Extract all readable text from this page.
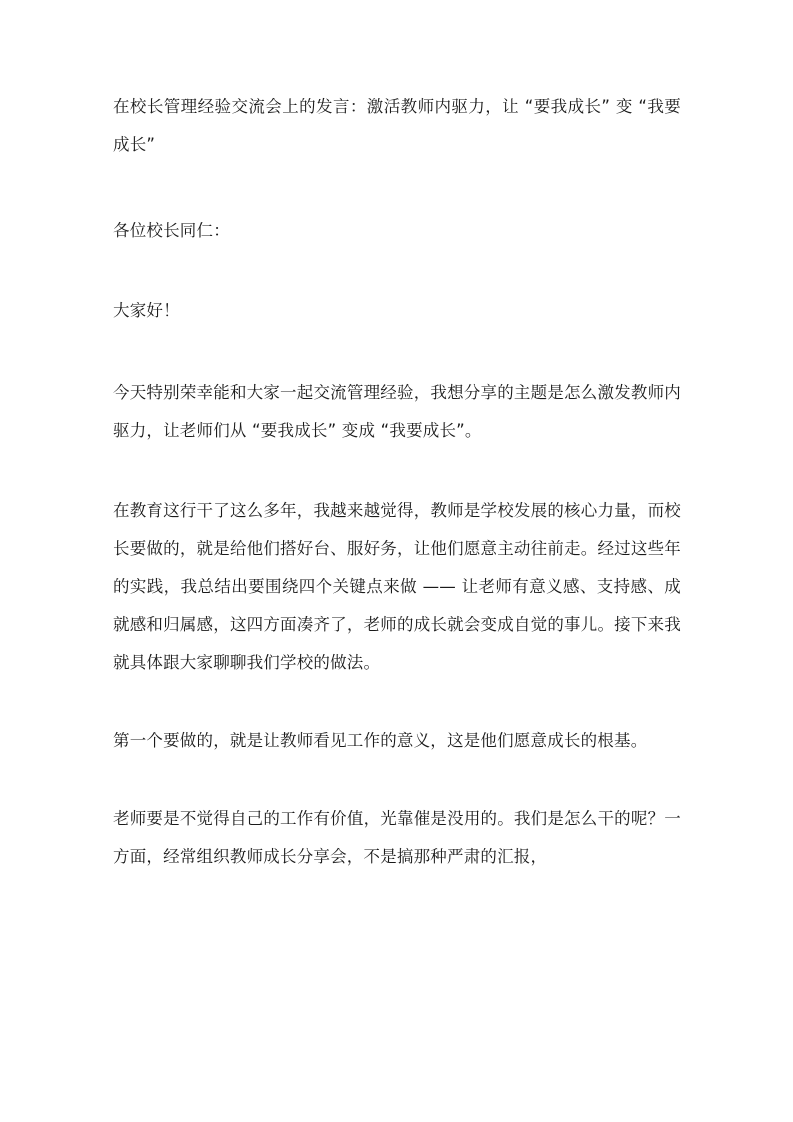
在校长管理经验交流会上的发言：激活教师内驱力，让 “要我成长” 变 “我要成长”

各位校长同仁：

大家好！

今天特别荣幸能和大家一起交流管理经验，我想分享的主题是怎么激发教师内驱力，让老师们从 “要我成长” 变成 “我要成长”。

在教育这行干了这么多年，我越来越觉得，教师是学校发展的核心力量，而校长要做的，就是给他们搭好台、服好务，让他们愿意主动往前走。经过这些年的实践，我总结出要围绕四个关键点来做 —— 让老师有意义感、支持感、成就感和归属感，这四方面凑齐了，老师的成长就会变成自觉的事儿。接下来我就具体跟大家聊聊我们学校的做法。

第一个要做的，就是让教师看见工作的意义，这是他们愿意成长的根基。

老师要是不觉得自己的工作有价值，光靠催是没用的。我们是怎么干的呢？一方面，经常组织教师成长分享会，不是搞那种严肃的汇报，
